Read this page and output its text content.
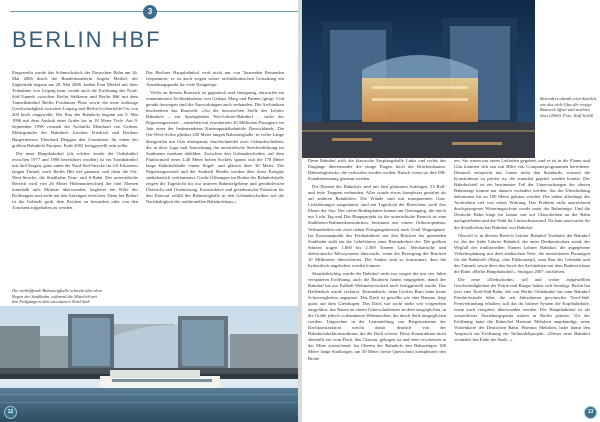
3
BERLIN HBF

Eingeweiht wurde das Schmuckstück der Deutschen Bahn am 26. Mai 2006 durch die Bundeskanzlerin Angela Merkel, der Zugbetrieb begann am 28. Mai 2006. Indem Frau Merkel mit ihrer Teilnahme von Leipzig kam, wurde auch die Eröffnung des Nord-Süd-Tunnels zwischen Berlin Südkreuz und Berlin Hbf mit dem Tunnelbahnhof Berlin Potsdamer Platz sowie die neue zulässige Geschwindigkeit zwischen Leipzig und Berlin-Lichterfelde-Ost von 200 km/h eingeweiht. Der Bau des Bahnhofs begann am 9. Mai 1996 mit dem Aushub einer Grube bis in 18 Meter Tiefe. Am 9. September 1998 verstarb der Architekt Meinhard von Gerkan, Mitbegründer des Bahnhofs Joachim Friedrich und Berliner Bürgermeister Eberhard Diepgen den Grundstein für einen der größten Bahnhöfe Europas. Ende 2002 fertiggestellt sein sollte.

Die neue Hauptbahnhof (als solcher wurde der Ostbahnhof zwischen 1977 und 1998 bezeichnet worden) ist ein Turmbahnhof mit fünf Etagen, ganz unten die Nord-Süd-Strecke im 3,6 Kilometer langen Tunnel, auch Berlin Hbf tief genannt, und oben die Ost-West-Strecke, die Stadtbahn, Fern- und S-Bahn. Der unterirdische Bereich wird von 26 Meter Höhenunterschied der fünf Ebenen innerhalb aufs Mitteste überwunden, begleitet mit Hilfe der Rolltreppen und nicht mit den Aufzügen erreichen. Denn bei Bedarf ist die Gelände groß, dem Kitchen zu besonders oder von den Touristen aufgehalten zu werden.

Der Berliner Hauptbahnhof wird nicht nur von Tausenden Reisenden frequentiert, er ist auch wegen seiner architektonischen Gestaltung ein Anziehungspunkt für viele Neugierige.

Vieles an diesem Bauwerk ist gigantisch und einzigartig, entworfen im renommierten Architekturbüro von Gerkan, Marg und Partner (gmp). Und gerade deswegen sind die Auswirkungen auch verbanden. Die Architekten beschreiben das Bauwerk: »An die historischen Stelle des Lehrter Bahnhofs – ein Sprengboden Wie-Lehrter-Bahnhof – sucht der Regierungsviertel – entstehen mit erweitertem 30 Millionen Passagiere im Jahr einer der bedeutendsten Knotenpunktbahnhöfe Deutschlands. Die Ost-West-Achse gliedert 430 Meter langen Bahnsteighalle, in voller Länge übergreifen mit Glas überspannt, durchschneidet zwei Gebäudescheiben, die in ihrer Lage und Ausrichtung die unterirdische Streckenführung im Stadtraum markant abbilden. Zwischen den Gebäudescheiben auf dem Plattformteil eines 4,40 Meter hohen Sockels spannt sich die 170 Meter lange Bahnhofshalle einem flügel- und gläsern über 30 Meter. Die Regierungsviertel und der Stadtteil Moabit werden über diese Ereignis städtebaulich verklammert. Große Öffnungen im Boden der Bahnhofshalle zeigen die Tageslicht bis zur unteren Bahnsteigebene und gewährleisten Übersicht und Orientierung. Konstruktive und gestalterische Präzision für den Entwurf erfüllt die Bahnsteighalle in den Gebäudescheiben auf die Nachhaltigkeit des traditionellen Bahnhofsbaus.«

Die verblüffende Bahnsteighalle schwebt über dem Bogen der Stadtbahn, während die Mittelteil mit den Fußgängern dem asociativen Nord-Süd-
12
Besonders abends wird deutlich, wie das viele Glas die riesige Bauwerk öffnet und strahlen lässt (2006). Foto: Ralf Schöll

Denn Bahnhof trifft die klassische Empfangshalle Links und rechts der Eingänge übereinander die einige Etagen hoch die Brückenbauten. Bahnsteigbrücke, die verkaufen werden wollen, Rutsch wenn sie ihre DB-Kundenberatung genannt werden.

Die Ebenen des Bahnhofs sind mit fünf gläsernen Aufzügen, 53 Roll- und feste Treppen verbunden. Alles wurde etwas komplexer gestaltet als auf anderen Bahnhöfen. Die Wände sind mit transparenten Glas-Lichtleitungen ausgestattet, sind mit Tageslicht der Bereichen, weiß Aus Ebene der Sitz. Der tiefen Bodenplatten kamen am Osteingang, die durch nur Licht Tag und Das Hauptprojekt ist die unterirdische Bereich ist eine Stahlbeton-Rahmenkonstruktion, bestimmt aus einem Orthotropenbau. Verbundteilen mit zwei neben Fertigungsbereich auch Groß Wagenplatte. Im Konstanzpunkt des Fernbahnhofs mit den Brücken der querenden Stadtbahn stößt ein die Gebeleinien einer Besonderheit des. Die größten Stützen tragen 1.800 bis 2.300 Tonnen Last. Mechanische und elektronische Messsysteme überwacht, wenn die Bewegung der Brücken 10 Millimeter überschreitet. Die Säulen sind so konstruiert, dass die hydraulisch angehoben werden können.

Skandalträchtig wurde der Bahnhof nicht nur wegen der um vier Jahre verspäteten Eröffnung, auch die Bauherrn hatten eingegeben, damit der Bahnhof bis zur Fußball-Weltmeisterschaft noch fertiggestellt wurde. Das Hallendach wurde verkürzt. Termindruck, denn Geckos Büro hatte keine Schwierigkeiten angepasst. Das Dach ist gewölbt wie eine Banane, liegt quasi auf dem Gleisbogen. Das Dach war nicht mehr wie vorgesehen ausgeführt, das Bauen an einem Gitterschalennetz an dem ausgeglichen, in die Größe jedoch vorhandenen Weitmaschen, die durch Seile ausgeglichen werden. Ungeachtet in der Lastenteilung von Biegemomente der Dachkonstruktion weicht damit deutlich von der Bahnhofsdachkonstruktion, die die Dach schwer. Diese Konstruktion nicht ebenfalls ein vom Dach, den Glassen, gebogen ist und einer erscheinen in der Mitte ausreichend. Im Oberen der Bahnhofs den Bahnsteigen 180 Meter lange Stahlträger, um 50 Meter breite Querschnitt komplettiert den Breite-

ten. Sie waren nur einen Leitfaden gegeben, und es ist in die Planer und Glas konnten sich nur mit Hilfe von Computerprogrammen berechnen. Dennoch entspricht das Ganze nicht den Standards, wonach die Konstruktion zu prüfen ist; die zunächst geprüft werden konnte. Der Bahnhofsteil ist ein bestimmter Teil der Untersuchungen der oberen Bahnsteige konnte nur danach verändert werden, das der Überdachung bekommen bis zu 180 Meter gekürzt werden. Die nahen allerdings der Architektur viel von seiner Wirkung. Das Problem nicht ausreichend durchgezogener Witterungsschutz wurde unter der Bahnsteige. Und die Deutsche Bahn klagt im Januar nur auf Glasscheiben an die Bahn nachgearbeitet und die Wahl für Lärmschutzwand. Da kam unerwartet für die Schallschutz hat Bahnhof von Bahnhof.

Obwohl er in diesem Bereich Lehrter Bahnhof Vorläufer der Bahnhof ist, der der frühe Lehrter Bahnhof, der unter Denkmalschutz stand, der Wegfall der traditionellen Namen Lehrter Bahnhof, die angegebene Verkehrsplanung mit dem städtischen Netz, die umstrittenen Planungen für die Bahnhöfe (Ring, «der Pilzkonzept), zum Bau der Gebäude und des Tunnels sowie über den Streit des Architekten mit dem Bauherrn kam die Bahn »Berlin Hauptbahnhof«, Stuttgart 2007, nachlesen.

Die neue »Drehscheibe« soll und weiter aufgestellten Geschwindigkeiten der Prärie und Bürger haben sich bestätigt. Berlin hat jetzt eine Nord-Süd-Bahn, die von Berlin Ostbahnhof bis zum Bahnhof Friedrichstraße führt, die seit Jahrzehnten gewünschte Nord-Süd-Fernverbindung erhalten, soll das ihr frühere System die Kopfbahnhöfe, wenn auch verspätet, überwunden werden. Der Hauptbahnhof ist als wesentlicher Anziehungspunkt mitten in Berlin präsent. Vor der Eröffnung hatte die Bahnchef Hartmut Mehdorn angekündigt, seine Visitenkarte der Deutschen Bahn. Hartmut Mehdorn, hatte damit den Anspruch zur Eröffnung ein Teilmodellprojekt: »Dieser neue Bahnhof verändert das Ende der Stadt...«

13
